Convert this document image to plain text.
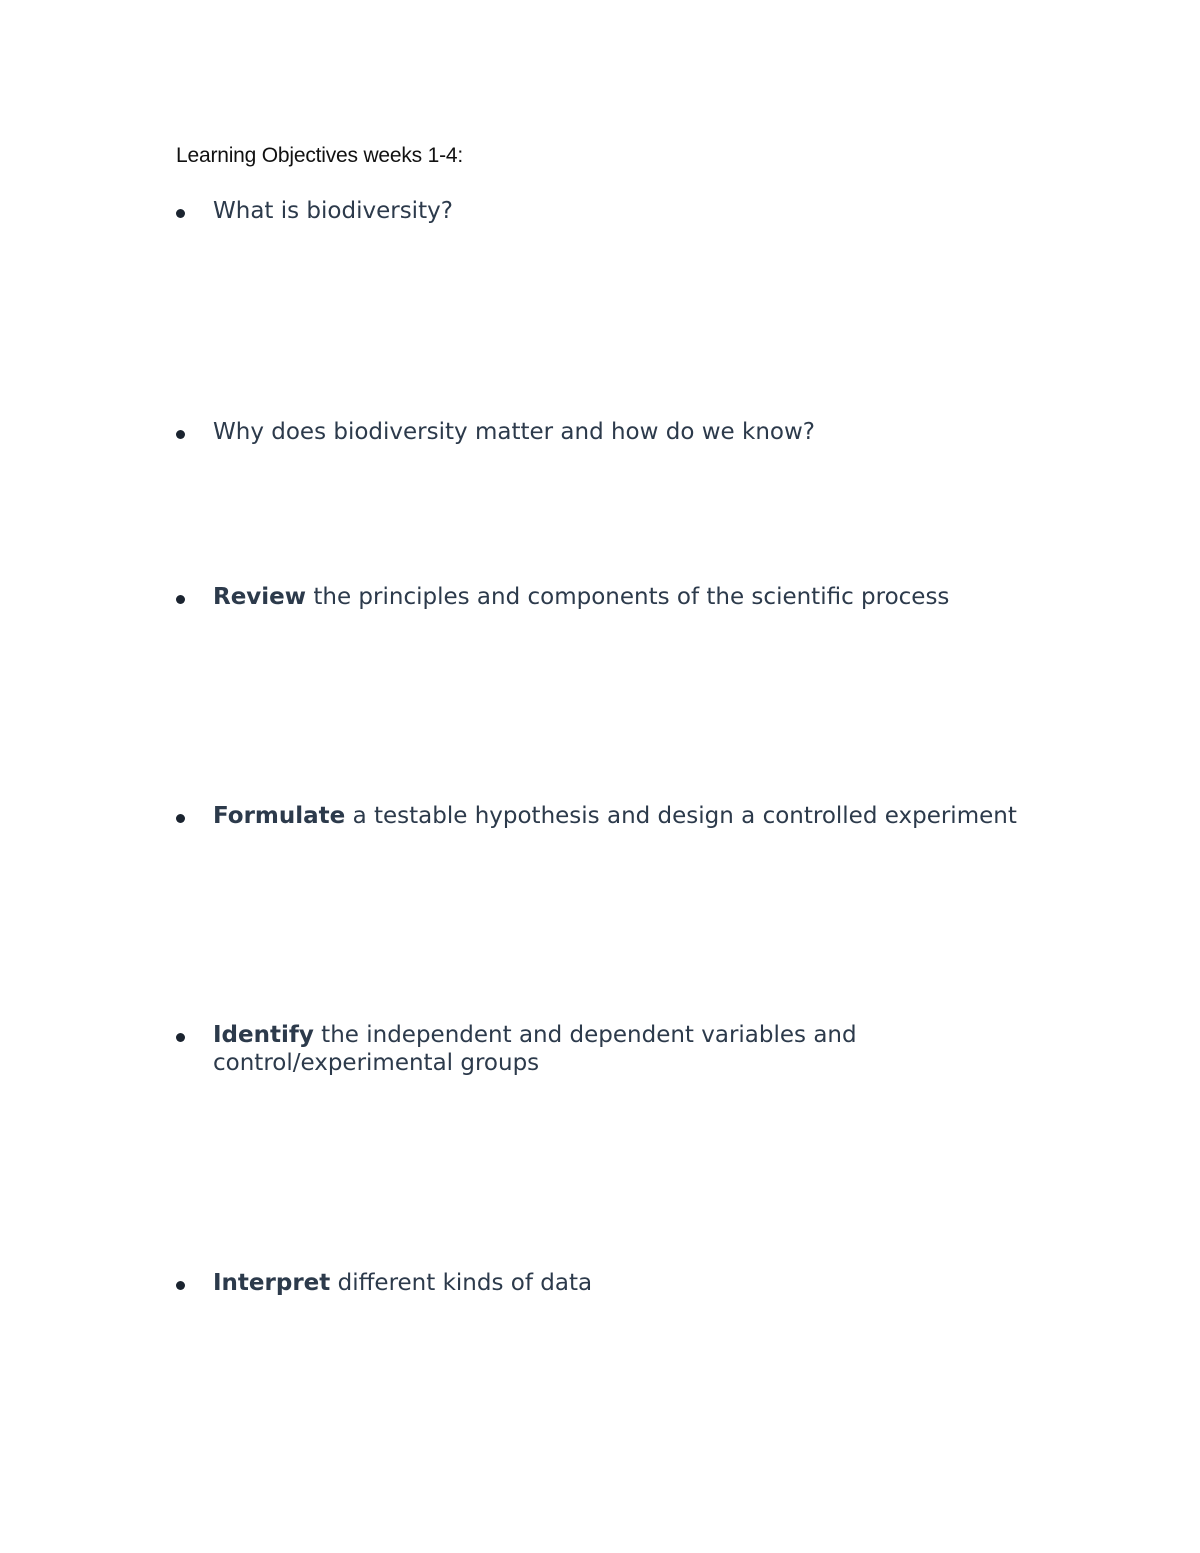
Learning Objectives weeks 1-4:
What is biodiversity?
Why does biodiversity matter and how do we know?
Review the principles and components of the scientific process
Formulate a testable hypothesis and design a controlled experiment
Identify the independent and dependent variables and control/experimental groups
Interpret different kinds of data
